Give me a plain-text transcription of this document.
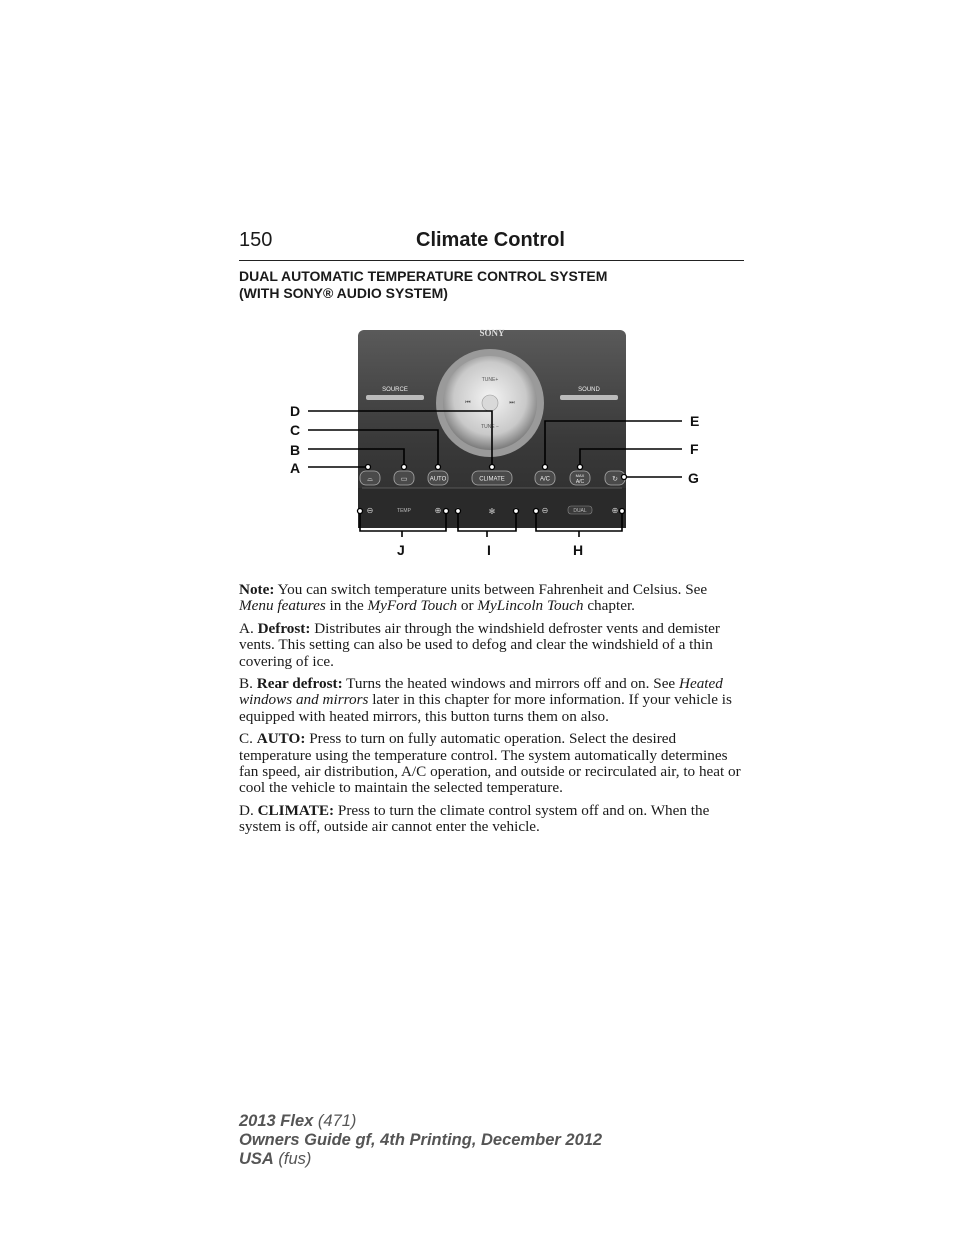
150	Climate Control
DUAL AUTOMATIC TEMPERATURE CONTROL SYSTEM
(WITH SONY® AUDIO SYSTEM)
SONY
TUNE+
TUNE −
⏮	⏭
SOURCE	SOUND
⌓	▭	AUTO	CLIMATE	A/C
MAX
A/C	↻
⊖	TEMP	⊕	✻	⊖	DUAL	⊕
D
C
B
A
E
F
G
J	I	H

Note: You can switch temperature units between Fahrenheit and Celsius. See Menu features in the MyFord Touch or MyLincoln Touch chapter.

A. Defrost: Distributes air through the windshield defroster vents and demister vents. This setting can also be used to defog and clear the windshield of a thin covering of ice.

B. Rear defrost: Turns the heated windows and mirrors off and on. See Heated windows and mirrors later in this chapter for more information. If your vehicle is equipped with heated mirrors, this button turns them on also.

C. AUTO: Press to turn on fully automatic operation. Select the desired temperature using the temperature control. The system automatically determines fan speed, air distribution, A/C operation, and outside or recirculated air, to heat or cool the vehicle to maintain the selected temperature.

D. CLIMATE: Press to turn the climate control system off and on. When the system is off, outside air cannot enter the vehicle.

2013 Flex (471)
Owners Guide gf, 4th Printing, December 2012
USA (fus)
